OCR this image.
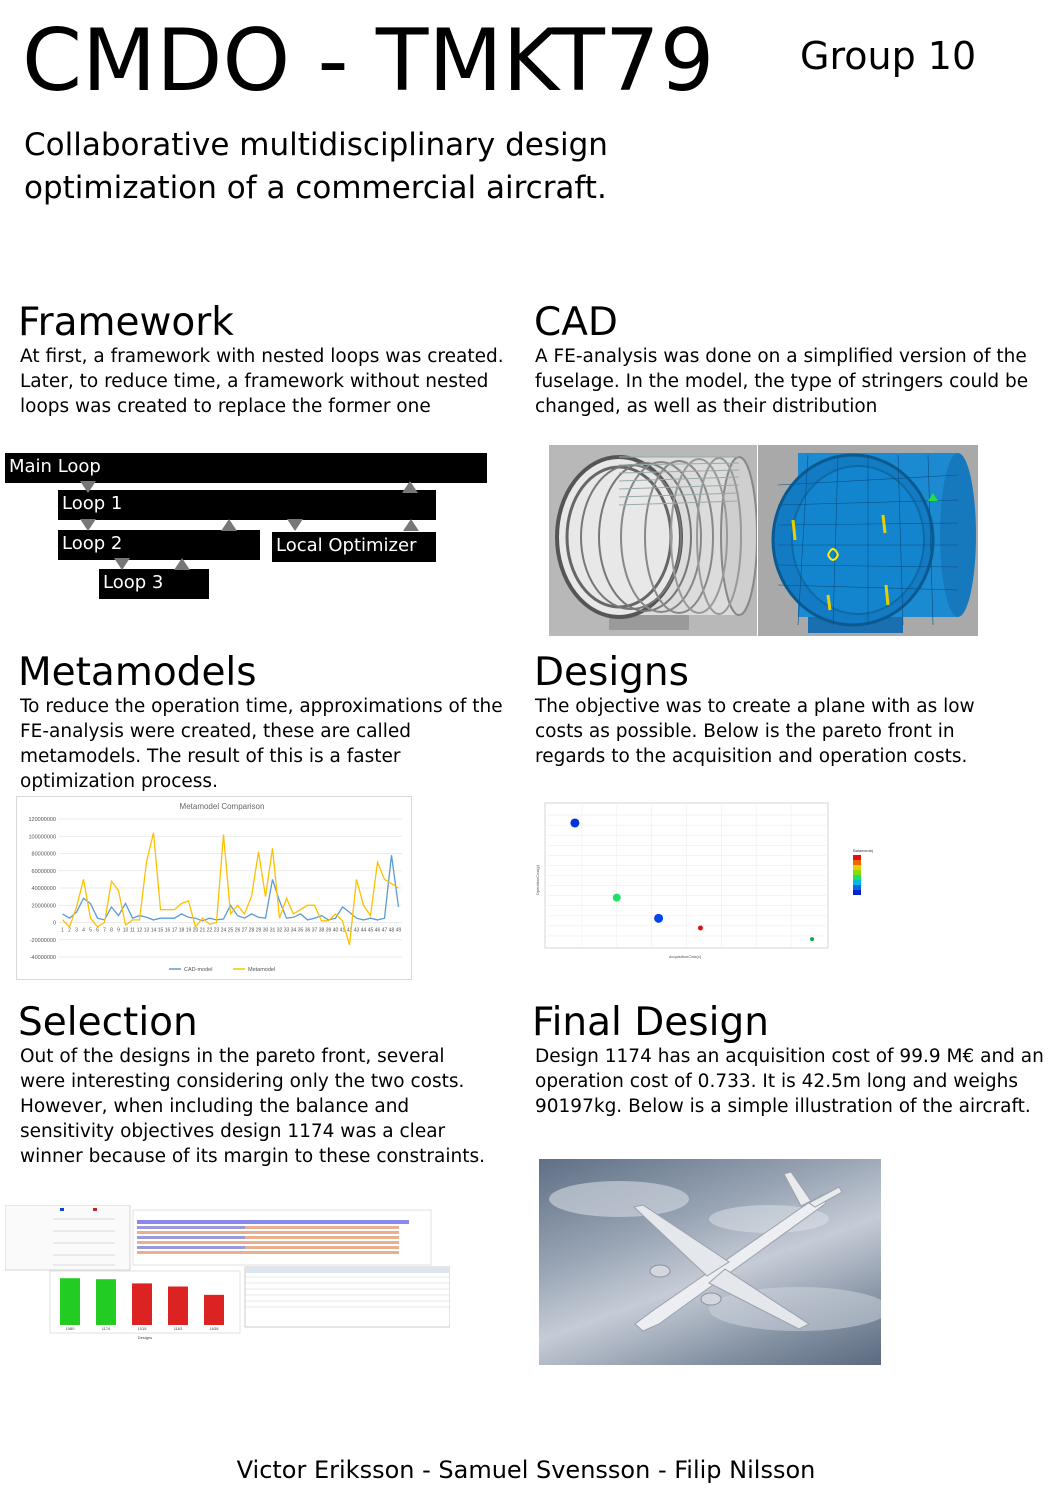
CMDO - TMKT79 Group 10
Collaborative multidisciplinary design optimization of a commercial aircraft.
Framework
At first, a framework with nested loops was created. Later, to reduce time, a framework without nested loops was created to replace the former one
Main Loop
Loop 1
Loop 2	Local Optimizer
Loop 3
CAD
A FE-analysis was done on a simplified version of the fuselage. In the model, the type of stringers could be changed, as well as their distribution
Metamodels
To reduce the operation time, approximations of the FE-analysis were created, these are called metamodels. The result of this is a faster optimization process.
Metamodel Comparison
-40000000
-20000000
0
20000000
40000000
60000000
80000000
100000000
120000000
1 2 3 4 5 6 7 8 9 10 11 12 13 14 15 16 17 18 19 20 21 22 23 24 25 26 27 28 29 30 31 32 33 34 35 36 37 38 39 40 41 42 43 44 45 46 47 48 49
CAD-model	Metamodel
Designs
The objective was to create a plane with as low costs as possible. Below is the pareto front in regards to the acquisition and operation costs.
AcquisitionCost(x)
OperationCost(y)
Balanceobj
Selection
Out of the designs in the pareto front, several were interesting considering only the two costs. However, when including the balance and sensitivity objectives design 1174 was a clear winner because of its margin to these constraints.
Designs
1080	1174	1015	1163	1638
Final Design
Design 1174 has an acquisition cost of 99.9 M€ and an operation cost of 0.733. It is 42.5m long and weighs 90197kg. Below is a simple illustration of the aircraft.
Victor Eriksson - Samuel Svensson - Filip Nilsson
